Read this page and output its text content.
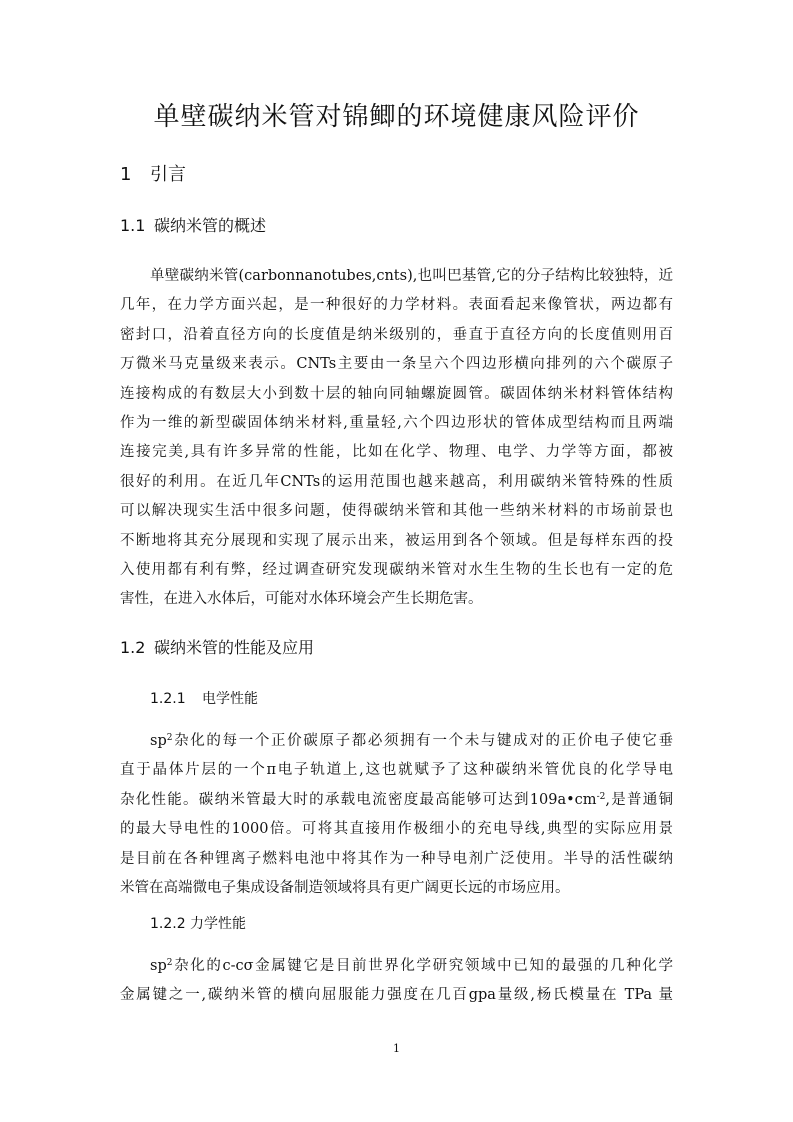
单壁碳纳米管对锦鲫的环境健康风险评价
1 引言
1.1 碳纳米管的概述
单壁碳纳米管(carbonnanotubes,cnts),也叫巴基管,它的分子结构比较独特，近
几年，在力学方面兴起，是一种很好的力学材料。表面看起来像管状，两边都有
密封口，沿着直径方向的长度值是纳米级别的，垂直于直径方向的长度值则用百
万微米马克量级来表示。CNTs主要由一条呈六个四边形横向排列的六个碳原子
连接构成的有数层大小到数十层的轴向同轴螺旋圆管。碳固体纳米材料管体结构
作为一维的新型碳固体纳米材料,重量轻,六个四边形状的管体成型结构而且两端
连接完美,具有许多异常的性能，比如在化学、物理、电学、力学等方面，都被
很好的利用。在近几年CNTs的运用范围也越来越高，利用碳纳米管特殊的性质
可以解决现实生活中很多问题，使得碳纳米管和其他一些纳米材料的市场前景也
不断地将其充分展现和实现了展示出来，被运用到各个领域。但是每样东西的投
入使用都有利有弊，经过调查研究发现碳纳米管对水生生物的生长也有一定的危
害性，在进入水体后，可能对水体环境会产生长期危害。
1.2 碳纳米管的性能及应用
1.2.1 电学性能
$sp^2$杂化的每一个正价碳原子都必须拥有一个未与键成对的正价电子使它垂
直于晶体片层的一个π电子轨道上,这也就赋予了这种碳纳米管优良的化学导电
杂化性能。碳纳米管最大时的承载电流密度最高能够可达到$109a•cm^{-2}$,是普通铜
的最大导电性的1000倍。可将其直接用作极细小的充电导线,典型的实际应用景
是目前在各种锂离子燃料电池中将其作为一种导电剂广泛使用。半导的活性碳纳
米管在高端微电子集成设备制造领域将具有更广阔更长远的市场应用。
1.2.2 力学性能
$sp^2$杂化的c-cσ金属键它是目前世界化学研究领域中已知的最强的几种化学
金属键之一,碳纳米管的横向屈服能力强度在几百gpa量级,杨氏模量在 TPa 量
1
